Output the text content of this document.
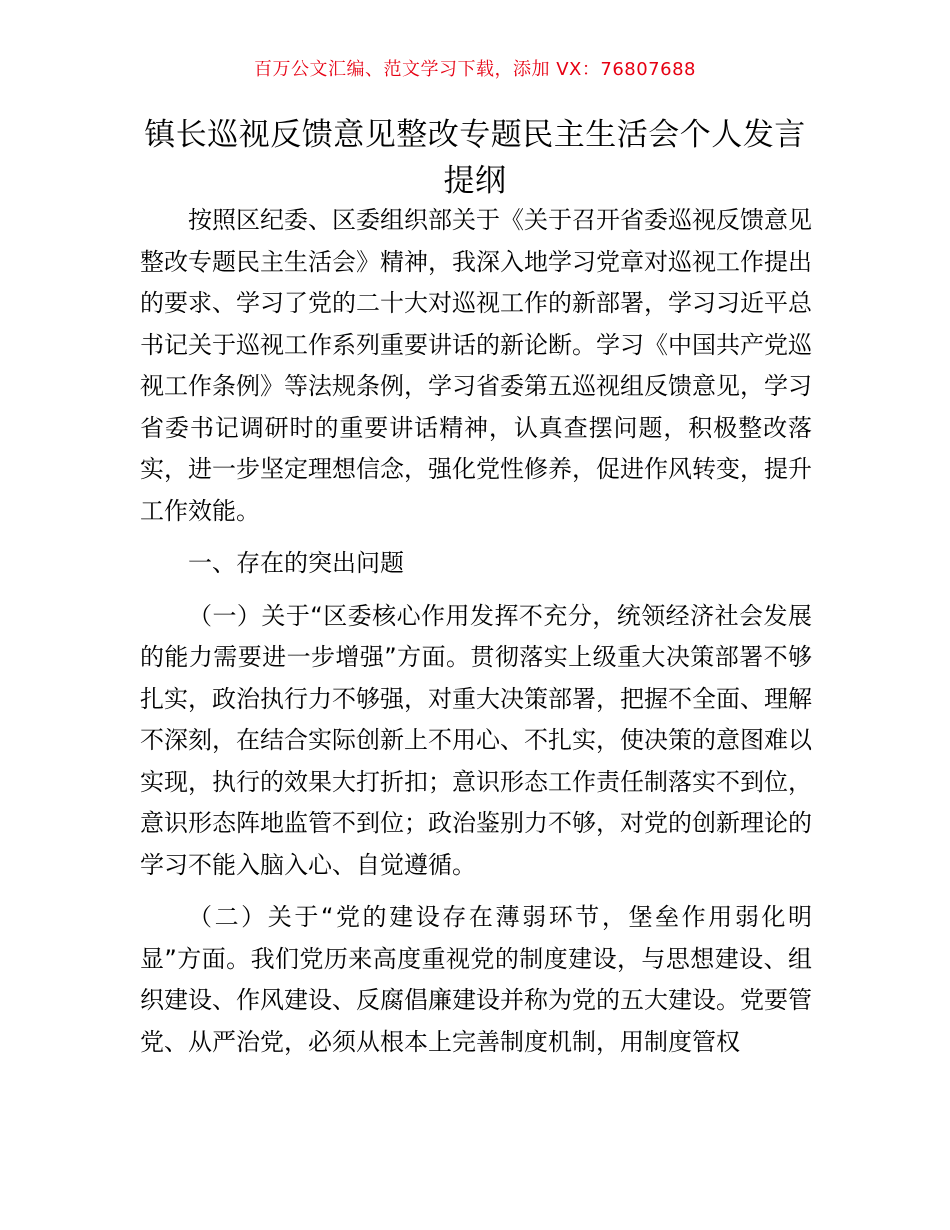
百万公文汇编、范文学习下载，添加 VX：76807688
镇长巡视反馈意见整改专题民主生活会个人发言提纲

按照区纪委、区委组织部关于《关于召开省委巡视反馈意见整改专题民主生活会》精神，我深入地学习党章对巡视工作提出的要求、学习了党的二十大对巡视工作的新部署，学习习近平总书记关于巡视工作系列重要讲话的新论断。学习《中国共产党巡视工作条例》等法规条例，学习省委第五巡视组反馈意见，学习省委书记调研时的重要讲话精神，认真查摆问题，积极整改落实，进一步坚定理想信念，强化党性修养，促进作风转变，提升工作效能。

一、存在的突出问题

（一）关于“区委核心作用发挥不充分，统领经济社会发展的能力需要进一步增强”方面。贯彻落实上级重大决策部署不够扎实，政治执行力不够强，对重大决策部署，把握不全面、理解不深刻，在结合实际创新上不用心、不扎实，使决策的意图难以实现，执行的效果大打折扣；意识形态工作责任制落实不到位，意识形态阵地监管不到位；政治鉴别力不够，对党的创新理论的学习不能入脑入心、自觉遵循。

（二）关于“党的建设存在薄弱环节，堡垒作用弱化明显”方面。我们党历来高度重视党的制度建设，与思想建设、组织建设、作风建设、反腐倡廉建设并称为党的五大建设。党要管党、从严治党，必须从根本上完善制度机制，用制度管权
